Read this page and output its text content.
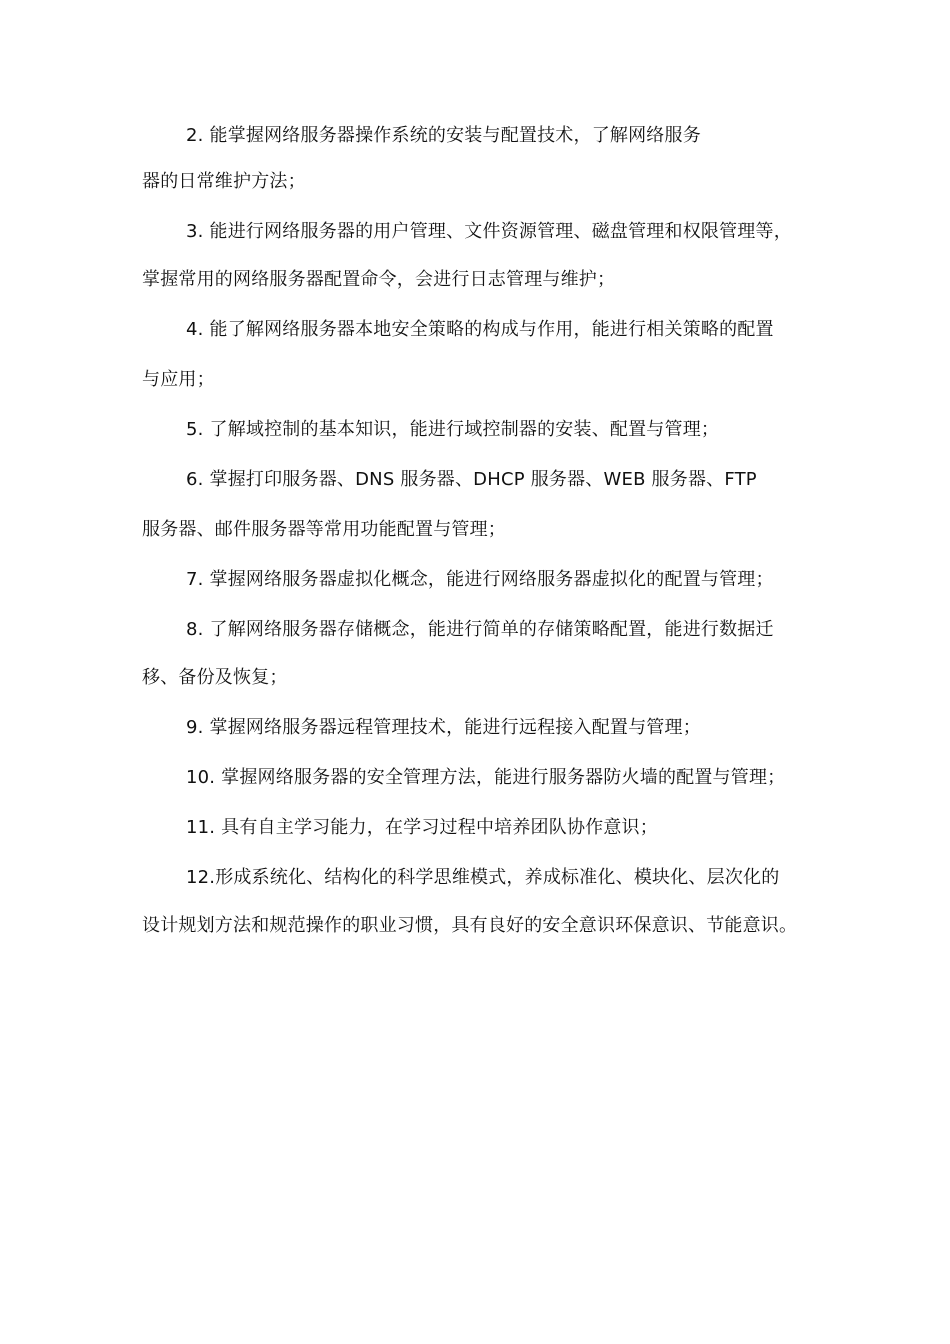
2. 能掌握网络服务器操作系统的安装与配置技术，了解网络服务
器的日常维护方法；
3. 能进行网络服务器的用户管理、文件资源管理、磁盘管理和权限管理等，
掌握常用的网络服务器配置命令，会进行日志管理与维护；
4. 能了解网络服务器本地安全策略的构成与作用，能进行相关策略的配置
与应用；
5. 了解域控制的基本知识，能进行域控制器的安装、配置与管理；
6. 掌握打印服务器、DNS 服务器、DHCP 服务器、WEB 服务器、FTP
服务器、邮件服务器等常用功能配置与管理；
7. 掌握网络服务器虚拟化概念，能进行网络服务器虚拟化的配置与管理；
8. 了解网络服务器存储概念，能进行简单的存储策略配置，能进行数据迁
移、备份及恢复；
9. 掌握网络服务器远程管理技术，能进行远程接入配置与管理；
10. 掌握网络服务器的安全管理方法，能进行服务器防火墙的配置与管理；
11. 具有自主学习能力，在学习过程中培养团队协作意识；
12.形成系统化、结构化的科学思维模式，养成标准化、模块化、层次化的
设计规划方法和规范操作的职业习惯，具有良好的安全意识环保意识、节能意识。
